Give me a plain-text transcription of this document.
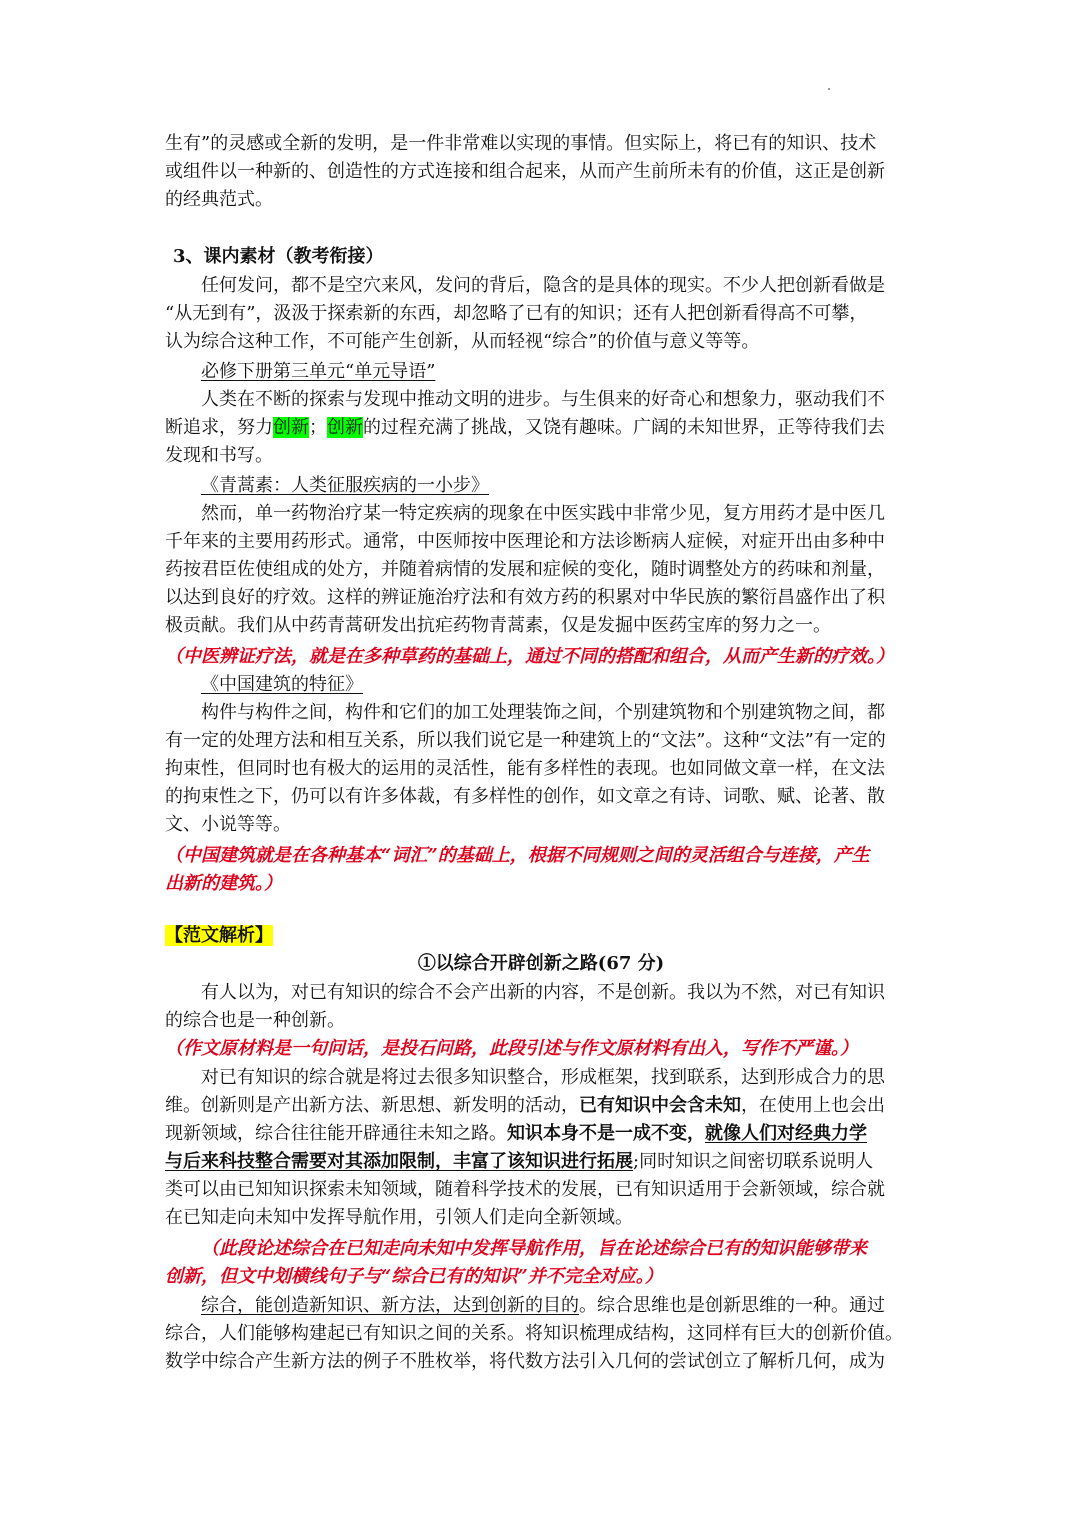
生有”的灵感或全新的发明，是一件非常难以实现的事情。但实际上，将已有的知识、技术
或组件以一种新的、创造性的方式连接和组合起来，从而产生前所未有的价值，这正是创新
的经典范式。
3、课内素材（教考衔接）
任何发问，都不是空穴来风，发问的背后，隐含的是具体的现实。不少人把创新看做是
“从无到有”，汲汲于探索新的东西，却忽略了已有的知识；还有人把创新看得高不可攀，
认为综合这种工作，不可能产生创新，从而轻视“综合”的价值与意义等等。
必修下册第三单元“单元导语”
人类在不断的探索与发现中推动文明的进步。与生俱来的好奇心和想象力，驱动我们不
断追求，努力创新；创新的过程充满了挑战，又饶有趣味。广阔的未知世界，正等待我们去
发现和书写。
《青蒿素：人类征服疾病的一小步》
然而，单一药物治疗某一特定疾病的现象在中医实践中非常少见，复方用药才是中医几
千年来的主要用药形式。通常，中医师按中医理论和方法诊断病人症候，对症开出由多种中
药按君臣佐使组成的处方，并随着病情的发展和症候的变化，随时调整处方的药味和剂量，
以达到良好的疗效。这样的辨证施治疗法和有效方药的积累对中华民族的繁衍昌盛作出了积
极贡献。我们从中药青蒿研发出抗疟药物青蒿素，仅是发掘中医药宝库的努力之一。
（中医辨证疗法，就是在多种草药的基础上，通过不同的搭配和组合，从而产生新的疗效。）
《中国建筑的特征》
构件与构件之间，构件和它们的加工处理装饰之间，个别建筑物和个别建筑物之间，都
有一定的处理方法和相互关系，所以我们说它是一种建筑上的“文法”。这种“文法”有一定的
拘束性，但同时也有极大的运用的灵活性，能有多样性的表现。也如同做文章一样，在文法
的拘束性之下，仍可以有许多体裁，有多样性的创作，如文章之有诗、词歌、赋、论著、散
文、小说等等。
（中国建筑就是在各种基本“词汇”的基础上，根据不同规则之间的灵活组合与连接，产生
出新的建筑。）
【范文解析】
①以综合开辟创新之路(67 分)
有人以为，对已有知识的综合不会产出新的内容，不是创新。我以为不然，对已有知识
的综合也是一种创新。
（作文原材料是一句问话，是投石问路，此段引述与作文原材料有出入，写作不严谨。）
对已有知识的综合就是将过去很多知识整合，形成框架，找到联系，达到形成合力的思
维。创新则是产出新方法、新思想、新发明的活动，已有知识中会含未知，在使用上也会出
现新领域，综合往往能开辟通往未知之路。知识本身不是一成不变，就像人们对经典力学
与后来科技整合需要对其添加限制，丰富了该知识进行拓展;同时知识之间密切联系说明人
类可以由已知知识探索未知领域，随着科学技术的发展，已有知识适用于会新领域，综合就
在已知走向未知中发挥导航作用，引领人们走向全新领域。
（此段论述综合在已知走向未知中发挥导航作用，旨在论述综合已有的知识能够带来
创新，但文中划横线句子与“综合已有的知识”并不完全对应。）
综合，能创造新知识、新方法，达到创新的目的。综合思维也是创新思维的一种。通过
综合，人们能够构建起已有知识之间的关系。将知识梳理成结构，这同样有巨大的创新价值。
数学中综合产生新方法的例子不胜枚举，将代数方法引入几何的尝试创立了解析几何，成为
